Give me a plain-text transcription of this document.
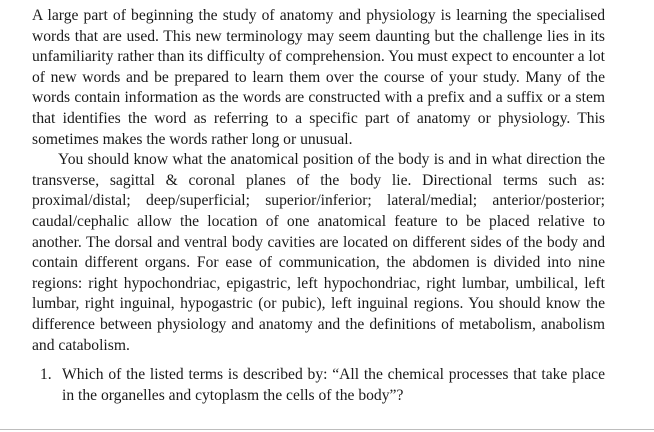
A large part of beginning the study of anatomy and physiology is learning the specialised words that are used. This new terminology may seem daunting but the challenge lies in its unfamiliarity rather than its difficulty of comprehension. You must expect to encounter a lot of new words and be prepared to learn them over the course of your study. Many of the words contain information as the words are constructed with a prefix and a suffix or a stem that identifies the word as referring to a specific part of anatomy or physiology. This sometimes makes the words rather long or unusual.

You should know what the anatomical position of the body is and in what direction the transverse, sagittal & coronal planes of the body lie. Directional terms such as: proximal/distal; deep/superficial; superior/inferior; lateral/medial; anterior/posterior; caudal/cephalic allow the location of one anatomical feature to be placed relative to another. The dorsal and ventral body cavities are located on different sides of the body and contain different organs. For ease of communication, the abdomen is divided into nine regions: right hypochondriac, epigastric, left hypochondriac, right lumbar, umbilical, left lumbar, right inguinal, hypogastric (or pubic), left inguinal regions. You should know the difference between physiology and anatomy and the definitions of metabolism, anabolism and catabolism.

1. Which of the listed terms is described by: “All the chemical processes that take place in the organelles and cytoplasm the cells of the body”?
